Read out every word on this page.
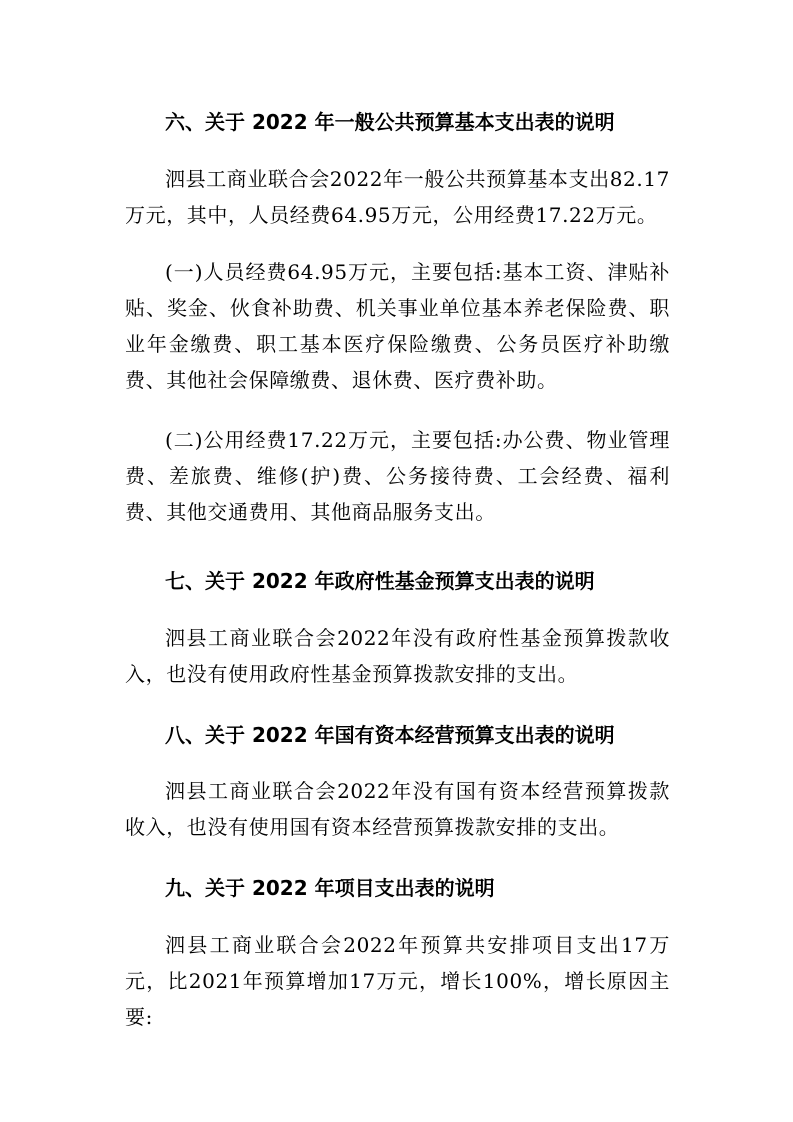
六、关于 2022 年一般公共预算基本支出表的说明

泗县工商业联合会2022年一般公共预算基本支出82.17万元，其中，人员经费64.95万元，公用经费17.22万元。

(一)人员经费64.95万元，主要包括:基本工资、津贴补贴、奖金、伙食补助费、机关事业单位基本养老保险费、职业年金缴费、职工基本医疗保险缴费、公务员医疗补助缴费、其他社会保障缴费、退休费、医疗费补助。

(二)公用经费17.22万元，主要包括:办公费、物业管理费、差旅费、维修(护)费、公务接待费、工会经费、福利费、其他交通费用、其他商品服务支出。

七、关于 2022 年政府性基金预算支出表的说明

泗县工商业联合会2022年没有政府性基金预算拨款收入，也没有使用政府性基金预算拨款安排的支出。

八、关于 2022 年国有资本经营预算支出表的说明

泗县工商业联合会2022年没有国有资本经营预算拨款收入，也没有使用国有资本经营预算拨款安排的支出。

九、关于 2022 年项目支出表的说明

泗县工商业联合会2022年预算共安排项目支出17万元，比2021年预算增加17万元，增长100%，增长原因主要:
